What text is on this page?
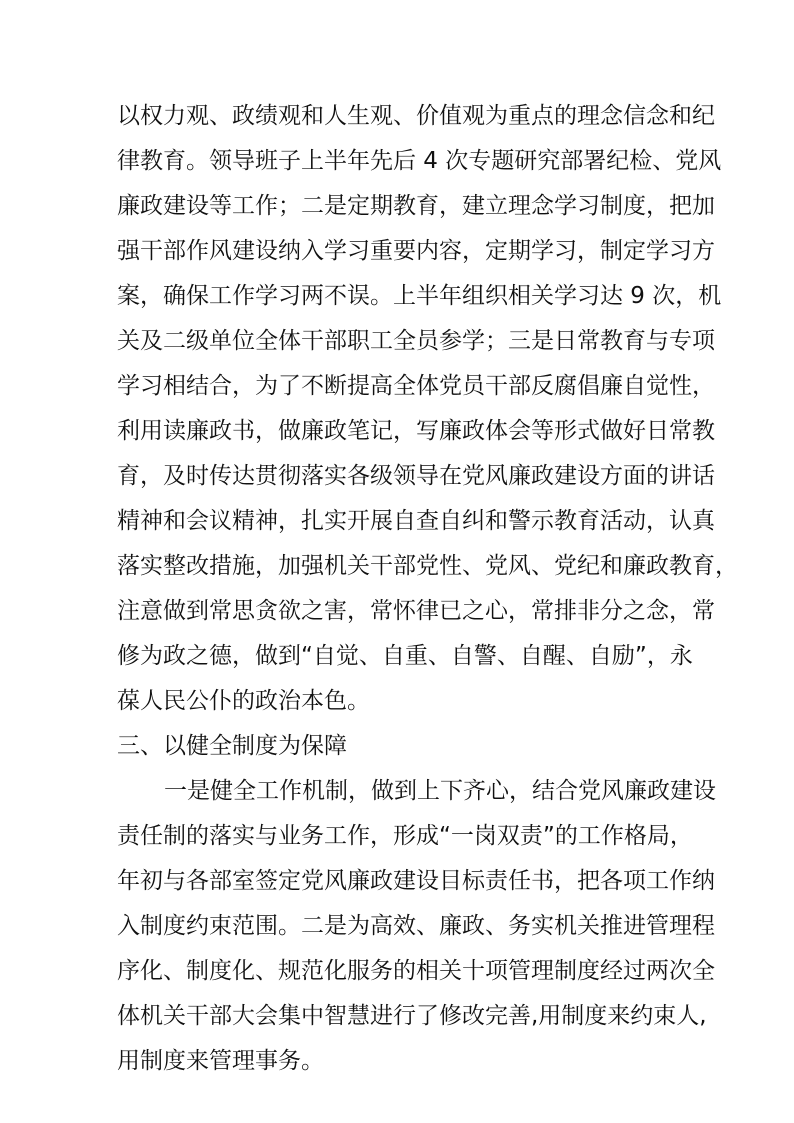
以权力观、政绩观和人生观、价值观为重点的理念信念和纪
律教育。领导班子上半年先后 4 次专题研究部署纪检、党风
廉政建设等工作；二是定期教育，建立理念学习制度，把加
强干部作风建设纳入学习重要内容，定期学习，制定学习方
案，确保工作学习两不误。上半年组织相关学习达 9 次，机
关及二级单位全体干部职工全员参学；三是日常教育与专项
学习相结合，为了不断提高全体党员干部反腐倡廉自觉性，
利用读廉政书，做廉政笔记，写廉政体会等形式做好日常教
育，及时传达贯彻落实各级领导在党风廉政建设方面的讲话
精神和会议精神，扎实开展自查自纠和警示教育活动，认真
落实整改措施，加强机关干部党性、党风、党纪和廉政教育，
注意做到常思贪欲之害，常怀律已之心，常排非分之念，常
修为政之德，做到“自觉、自重、自警、自醒、自励”，永
葆人民公仆的政治本色。
三、以健全制度为保障
一是健全工作机制，做到上下齐心，结合党风廉政建设
责任制的落实与业务工作，形成“一岗双责”的工作格局，
年初与各部室签定党风廉政建设目标责任书，把各项工作纳
入制度约束范围。二是为高效、廉政、务实机关推进管理程
序化、制度化、规范化服务的相关十项管理制度经过两次全
体机关干部大会集中智慧进行了修改完善,用制度来约束人,
用制度来管理事务。
